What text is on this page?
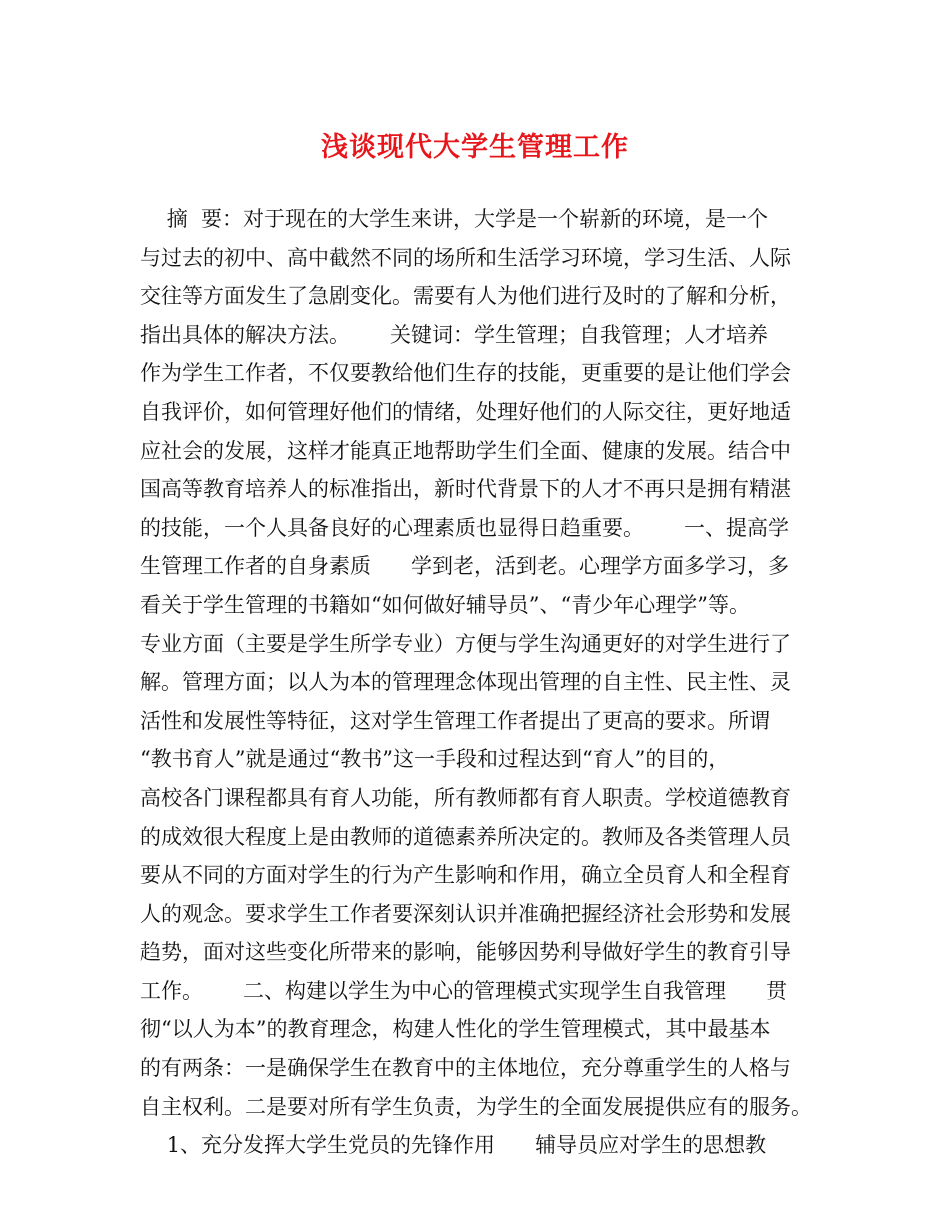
浅谈现代大学生管理工作
摘  要：对于现在的大学生来讲，大学是一个崭新的环境，是一个
与过去的初中、高中截然不同的场所和生活学习环境，学习生活、人际
交往等方面发生了急剧变化。需要有人为他们进行及时的了解和分析，
指出具体的解决方法。      关键词：学生管理；自我管理；人才培养
作为学生工作者，不仅要教给他们生存的技能，更重要的是让他们学会
自我评价，如何管理好他们的情绪，处理好他们的人际交往，更好地适
应社会的发展，这样才能真正地帮助学生们全面、健康的发展。结合中
国高等教育培养人的标准指出，新时代背景下的人才不再只是拥有精湛
的技能，一个人具备良好的心理素质也显得日趋重要。      一、提高学
生管理工作者的自身素质      学到老，活到老。心理学方面多学习，多
看关于学生管理的书籍如“如何做好辅导员”、“青少年心理学”等。
专业方面（主要是学生所学专业）方便与学生沟通更好的对学生进行了
解。管理方面；以人为本的管理理念体现出管理的自主性、民主性、灵
活性和发展性等特征，这对学生管理工作者提出了更高的要求。所谓
“教书育人”就是通过“教书”这一手段和过程达到“育人”的目的，
高校各门课程都具有育人功能，所有教师都有育人职责。学校道德教育
的成效很大程度上是由教师的道德素养所决定的。教师及各类管理人员
要从不同的方面对学生的行为产生影响和作用，确立全员育人和全程育
人的观念。要求学生工作者要深刻认识并准确把握经济社会形势和发展
趋势，面对这些变化所带来的影响，能够因势利导做好学生的教育引导
工作。      二、构建以学生为中心的管理模式实现学生自我管理      贯
彻“以人为本”的教育理念，构建人性化的学生管理模式，其中最基本
的有两条：一是确保学生在教育中的主体地位，充分尊重学生的人格与
自主权利。二是要对所有学生负责，为学生的全面发展提供应有的服务。
1、充分发挥大学生党员的先锋作用      辅导员应对学生的思想教
